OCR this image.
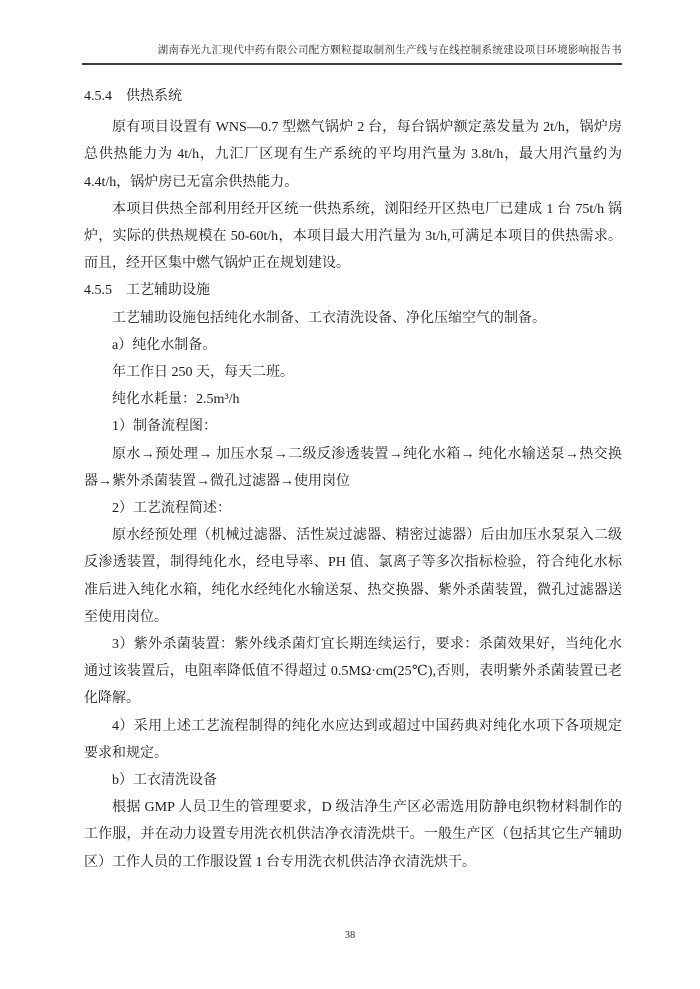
湖南春光九汇现代中药有限公司配方颗粒提取制剂生产线与在线控制系统建设项目环境影响报告书

4.5.4　供热系统

原有项目设置有 WNS—0.7 型燃气锅炉 2 台，每台锅炉额定蒸发量为 2t/h，锅炉房总供热能力为 4t/h，九汇厂区现有生产系统的平均用汽量为 3.8t/h，最大用汽量约为 4.4t/h，锅炉房已无富余供热能力。

本项目供热全部利用经开区统一供热系统，浏阳经开区热电厂已建成 1 台 75t/h 锅炉，实际的供热规模在 50-60t/h，本项目最大用汽量为 3t/h,可满足本项目的供热需求。而且，经开区集中燃气锅炉正在规划建设。

4.5.5　工艺辅助设施

工艺辅助设施包括纯化水制备、工衣清洗设备、净化压缩空气的制备。

a）纯化水制备。

年工作日 250 天，每天二班。

纯化水耗量：2.5m³/h

1）制备流程图：

原水→预处理→ 加压水泵→二级反渗透装置→纯化水箱→ 纯化水输送泵→热交换器→紫外杀菌装置→微孔过滤器→使用岗位

2）工艺流程简述：

原水经预处理（机械过滤器、活性炭过滤器、精密过滤器）后由加压水泵泵入二级反渗透装置，制得纯化水，经电导率、PH 值、氯离子等多次指标检验，符合纯化水标准后进入纯化水箱，纯化水经纯化水输送泵、热交换器、紫外杀菌装置，微孔过滤器送至使用岗位。

3）紫外杀菌装置：紫外线杀菌灯宜长期连续运行，要求：杀菌效果好，当纯化水通过该装置后，电阻率降低值不得超过 0.5MΩ·cm(25℃),否则，表明紫外杀菌装置已老化降解。

4）采用上述工艺流程制得的纯化水应达到或超过中国药典对纯化水项下各项规定要求和规定。

b）工衣清洗设备

根据 GMP 人员卫生的管理要求，D 级洁净生产区必需选用防静电织物材料制作的工作服，并在动力设置专用洗衣机供洁净衣清洗烘干。一般生产区（包括其它生产辅助区）工作人员的工作服设置 1 台专用洗衣机供洁净衣清洗烘干。

38
